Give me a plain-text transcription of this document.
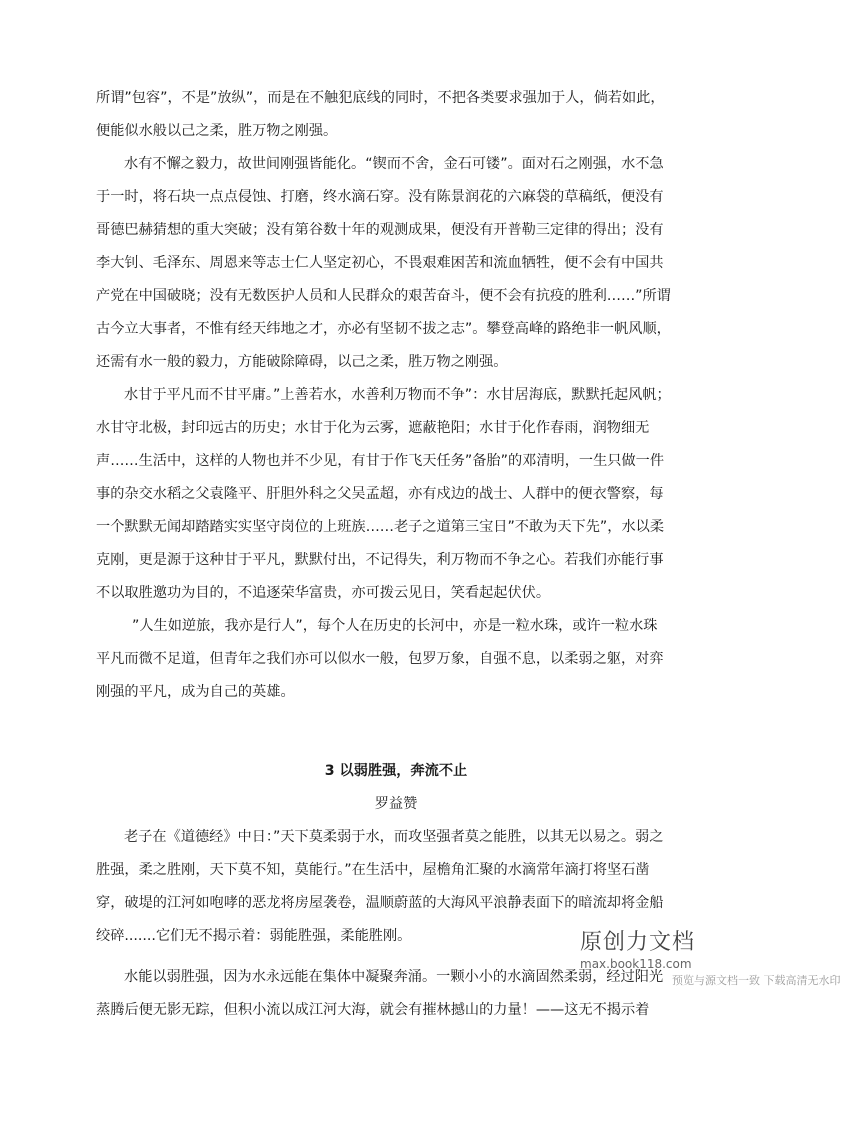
所谓”包容”，不是”放纵”，而是在不触犯底线的同时，不把各类要求强加于人，倘若如此，
便能似水般以己之柔，胜万物之刚强。
水有不懈之毅力，故世间刚强皆能化。“锲而不舍，金石可镂”。面对石之刚强，水不急
于一时，将石块一点点侵蚀、打磨，终水滴石穿。没有陈景润花的六麻袋的草稿纸，便没有
哥德巴赫猜想的重大突破；没有第谷数十年的观测成果，便没有开普勒三定律的得出；没有
李大钊、毛泽东、周恩来等志士仁人坚定初心，不畏艰难困苦和流血牺牲，便不会有中国共
产党在中国破晓；没有无数医护人员和人民群众的艰苦奋斗，便不会有抗疫的胜利……”所谓
古今立大事者，不惟有经天纬地之才，亦必有坚韧不拔之志”。攀登高峰的路绝非一帆风顺，
还需有水一般的毅力，方能破除障碍，以己之柔，胜万物之刚强。
水甘于平凡而不甘平庸。”上善若水，水善利万物而不争”：水甘居海底，默默托起风帆；
水甘守北极，封印远古的历史；水甘于化为云雾，遮蔽艳阳；水甘于化作春雨，润物细无
声……生活中，这样的人物也并不少见，有甘于作飞天任务”备胎”的邓清明，一生只做一件
事的杂交水稻之父袁隆平、肝胆外科之父吴孟超，亦有戍边的战士、人群中的便衣警察，每
一个默默无闻却踏踏实实坚守岗位的上班族……老子之道第三宝日”不敢为天下先”，水以柔
克刚，更是源于这种甘于平凡，默默付出，不记得失，利万物而不争之心。若我们亦能行事
不以取胜邀功为目的，不追逐荣华富贵，亦可拨云见日，笑看起起伏伏。
”人生如逆旅，我亦是行人”，每个人在历史的长河中，亦是一粒水珠，或许一粒水珠
平凡而微不足道，但青年之我们亦可以似水一般，包罗万象，自强不息，以柔弱之躯，对弈
刚强的平凡，成为自己的英雄。
3 以弱胜强，奔流不止
罗益赞
老子在《道德经》中日：”天下莫柔弱于水，而攻坚强者莫之能胜，以其无以易之。弱之
胜强，柔之胜刚，天下莫不知，莫能行。”在生活中，屋檐角汇聚的水滴常年滴打将坚石凿
穿，破堤的江河如咆哮的恶龙将房屋袭卷，温顺蔚蓝的大海风平浪静表面下的暗流却将金船
绞碎.......它们无不揭示着：弱能胜强，柔能胜刚。
水能以弱胜强，因为水永远能在集体中凝聚奔涌。一颗小小的水滴固然柔弱，经过阳光
蒸腾后便无影无踪，但积小流以成江河大海，就会有摧林撼山的力量！——这无不揭示着
原创力文档
max.book118.com
预览与源文档一致 下载高清无水印
